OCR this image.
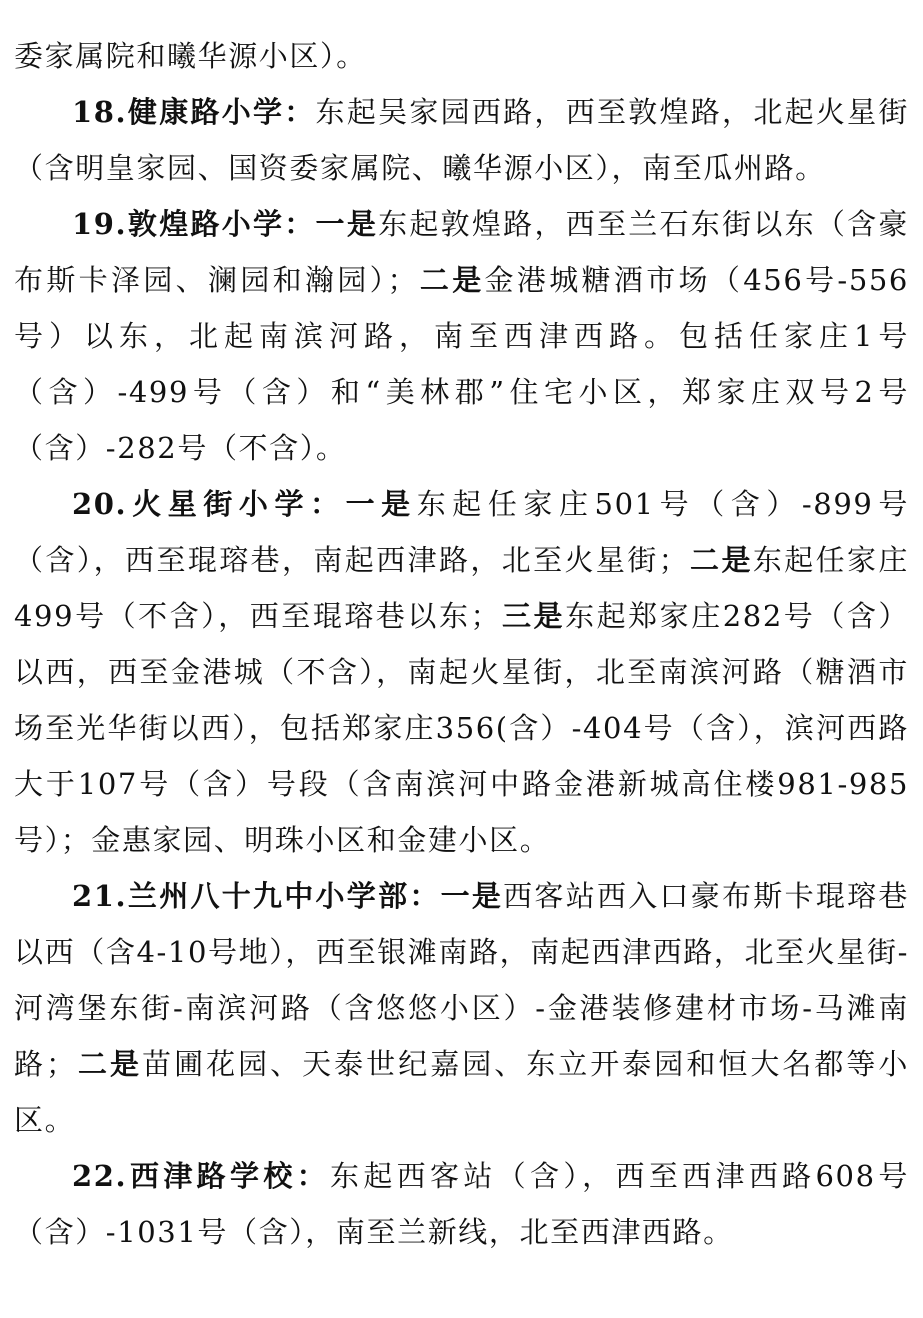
委家属院和曦华源小区）。

18.健康路小学：东起吴家园西路，西至敦煌路，北起火星街（含明皇家园、国资委家属院、曦华源小区），南至瓜州路。

19.敦煌路小学：一是东起敦煌路，西至兰石东街以东（含豪布斯卡泽园、澜园和瀚园）；二是金港城糖酒市场（456号-556号）以东，北起南滨河路，南至西津西路。包括任家庄1号（含）-499号（含）和“美林郡”住宅小区，郑家庄双号2号（含）-282号（不含）。

20.火星街小学：一是东起任家庄501号（含）-899号（含），西至琨瑢巷，南起西津路，北至火星街；二是东起任家庄499号（不含），西至琨瑢巷以东；三是东起郑家庄282号（含）以西，西至金港城（不含），南起火星街，北至南滨河路（糖酒市场至光华街以西），包括郑家庄356(含）-404号（含），滨河西路大于107号（含）号段（含南滨河中路金港新城高住楼981-985号）；金惠家园、明珠小区和金建小区。

21.兰州八十九中小学部：一是西客站西入口豪布斯卡琨瑢巷以西（含4-10号地），西至银滩南路，南起西津西路，北至火星街-河湾堡东街-南滨河路（含悠悠小区）-金港装修建材市场-马滩南路；二是苗圃花园、天泰世纪嘉园、东立开泰园和恒大名都等小区。

22.西津路学校：东起西客站（含），西至西津西路608号（含）-1031号（含），南至兰新线，北至西津西路。
